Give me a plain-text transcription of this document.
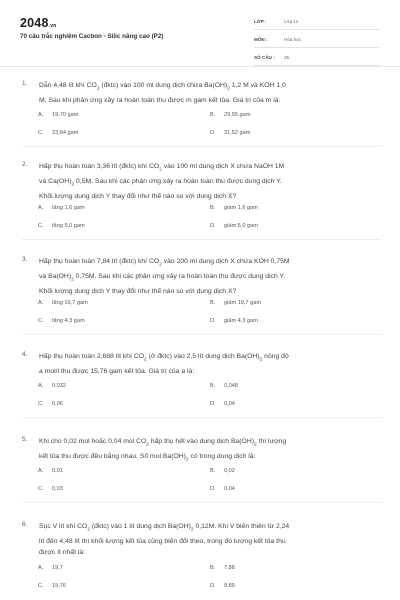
2048.vn
70 câu trắc nghiệm Cacbon - Silic nâng cao (P2)
LỚP :	Lớp 11
MÔN :	Hóa học
SỐ CÂU : 25
1. Dẫn 4,48 lít khí $CO_2$ (đktc) vào 100 ml dung dịch chứa $Ba(OH)_2$ 1,2 M và KOH 1,0
M. Sau khi phản ứng xảy ra hoàn toàn thu được m gam kết tủa. Giá trị của m là:
A. 19,70 gam	B. 29,55 gam
C. 23,64 gam	D. 31,52 gam
2. Hấp thụ hoàn toàn 3,36 lít (đktc) khí $CO_2$ vào 100 ml dung dịch X chứa NaOH 1M
và $Ca(OH)_2$ 0,5M. Sau khi các phản ứng xảy ra hoàn toàn thu được dung dịch Y.
Khối lượng dung dịch Y thay đổi như thế nào so với dung dịch X?
A. tăng 1,6 gam	B. giảm 1,6 gam
C. tăng 5,0 gam	D. giảm 5,0 gam
3. Hấp thụ hoàn toàn 7,84 lít (đktc) khí $CO_2$ vào 200 ml dung dịch X chứa KOH 0,75M
và $Ba(OH)_2$ 0,75M. Sau khi các phản ứng xảy ra hoàn toàn thu được dung dịch Y.
Khối lượng dung dịch Y thay đổi như thế nào so với dung dịch X?
A. tăng 19,7 gam	B. giảm 19,7 gam
C. tăng 4,3 gam	D. giảm 4,3 gam
4. Hấp thụ hoàn toàn 2,688 lít khí $CO_2$ (ở đktc) vào 2,5 lít dung dịch $Ba(OH)_2$ nồng độ
a mol/l thu được 15,76 gam kết tủa. Giá trị của a là:
A. 0,032	B. 0,048
C. 0,06	D. 0,04
5. Khi cho 0,02 mol hoặc 0,04 mol $CO_2$ hấp thụ hết vào dung dịch $Ba(OH)_2$ thì lượng
kết tủa thu được đều bằng nhau. Số mol $Ba(OH)_2$ có trong dung dịch là:
A. 0,01	B. 0,02
C. 0,03	D. 0,04
6. Sục V lít khí $CO_2$ (đktc) vào 1 lít dung dịch $Ba(OH)_2$ 0,12M. Khi V biến thiên từ 2,24
lít đến 4,48 lít thì khối lượng kết tủa cũng biến đổi theo, trong đó lượng kết tủa thu
được ít nhất là:
A. 19,7	B. 7,88
C. 15,76	D. 9,85
